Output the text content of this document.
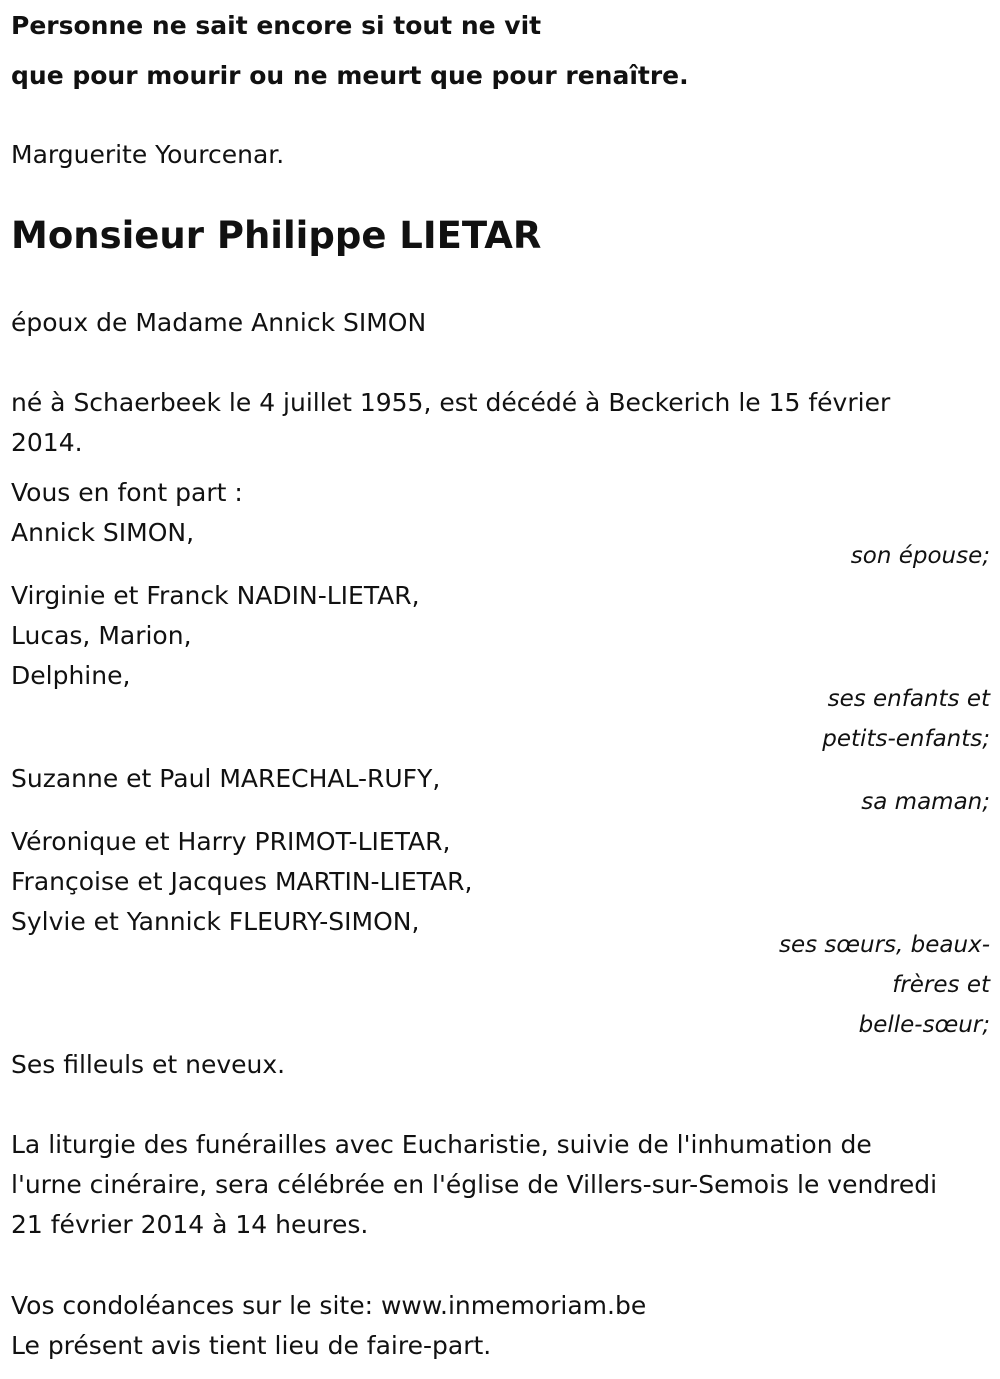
Personne ne sait encore si tout ne vit
que pour mourir ou ne meurt que pour renaître.
Marguerite Yourcenar.
Monsieur Philippe LIETAR
époux de Madame Annick SIMON
né à Schaerbeek le 4 juillet 1955, est décédé à Beckerich le 15 février
2014.
Vous en font part :
Annick SIMON,
son épouse;
Virginie et Franck NADIN-LIETAR,
Lucas, Marion,
Delphine,
ses enfants et
petits-enfants;
Suzanne et Paul MARECHAL-RUFY,
sa maman;
Véronique et Harry PRIMOT-LIETAR,
Françoise et Jacques MARTIN-LIETAR,
Sylvie et Yannick FLEURY-SIMON,
ses sœurs, beaux-
frères et
belle-sœur;
Ses filleuls et neveux.
La liturgie des funérailles avec Eucharistie, suivie de l'inhumation de
l'urne cinéraire, sera célébrée en l'église de Villers-sur-Semois le vendredi
21 février 2014 à 14 heures.
Vos condoléances sur le site: www.inmemoriam.be
Le présent avis tient lieu de faire-part.
